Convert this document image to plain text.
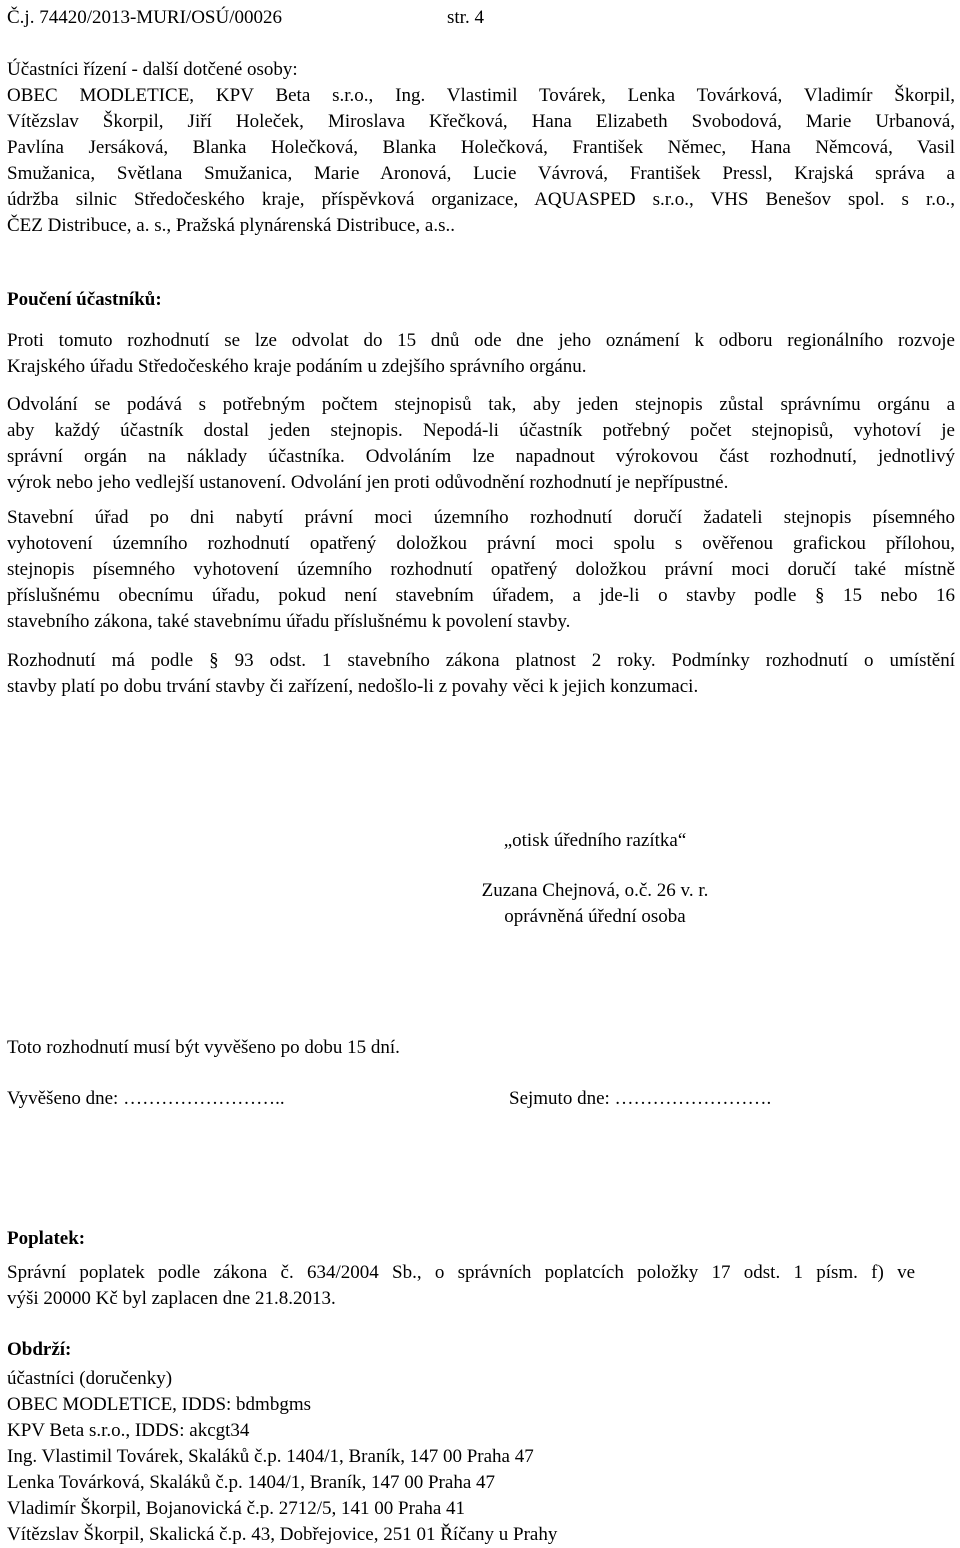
Č.j. 74420/2013-MURI/OSÚ/00026	str. 4
Účastníci řízení - další dotčené osoby:
OBEC MODLETICE, KPV Beta s.r.o., Ing. Vlastimil Továrek, Lenka Továrková, Vladimír Škorpil,
Vítězslav Škorpil, Jiří Holeček, Miroslava Křečková, Hana Elizabeth Svobodová, Marie Urbanová,
Pavlína Jersáková, Blanka Holečková, Blanka Holečková, František Němec, Hana Němcová, Vasil
Smužanica, Světlana Smužanica, Marie Aronová, Lucie Vávrová, František Pressl, Krajská správa a
údržba silnic Středočeského kraje, příspěvková organizace, AQUASPED s.r.o., VHS Benešov spol. s r.o.,
ČEZ Distribuce, a. s., Pražská plynárenská Distribuce, a.s..
Poučení účastníků:
Proti tomuto rozhodnutí se lze odvolat do 15 dnů ode dne jeho oznámení k odboru regionálního rozvoje
Krajského úřadu Středočeského kraje podáním u zdejšího správního orgánu.
Odvolání se podává s potřebným počtem stejnopisů tak, aby jeden stejnopis zůstal správnímu orgánu a
aby každý účastník dostal jeden stejnopis. Nepodá-li účastník potřebný počet stejnopisů, vyhotoví je
správní orgán na náklady účastníka. Odvoláním lze napadnout výrokovou část rozhodnutí, jednotlivý
výrok nebo jeho vedlejší ustanovení. Odvolání jen proti odůvodnění rozhodnutí je nepřípustné.
Stavební úřad po dni nabytí právní moci územního rozhodnutí doručí žadateli stejnopis písemného
vyhotovení územního rozhodnutí opatřený doložkou právní moci spolu s ověřenou grafickou přílohou,
stejnopis písemného vyhotovení územního rozhodnutí opatřený doložkou právní moci doručí také místně
příslušnému obecnímu úřadu, pokud není stavebním úřadem, a jde-li o stavby podle § 15 nebo 16
stavebního zákona, také stavebnímu úřadu příslušnému k povolení stavby.
Rozhodnutí má podle § 93 odst. 1 stavebního zákona platnost 2 roky. Podmínky rozhodnutí o umístění
stavby platí po dobu trvání stavby či zařízení, nedošlo-li z povahy věci k jejich konzumaci.
„otisk úředního razítka“
Zuzana Chejnová, o.č. 26 v. r.
oprávněná úřední osoba
Toto rozhodnutí musí být vyvěšeno po dobu 15 dní.
Vyvěšeno dne: ……………………..	Sejmuto dne: …………………….
Poplatek:
Správní poplatek podle zákona č. 634/2004 Sb., o správních poplatcích položky 17 odst. 1 písm. f) ve
výši 20000 Kč byl zaplacen dne 21.8.2013.
Obdrží:
účastníci (doručenky)
OBEC MODLETICE, IDDS: bdmbgms
KPV Beta s.r.o., IDDS: akcgt34
Ing. Vlastimil Továrek, Skaláků č.p. 1404/1, Braník, 147 00 Praha 47
Lenka Továrková, Skaláků č.p. 1404/1, Braník, 147 00 Praha 47
Vladimír Škorpil, Bojanovická č.p. 2712/5, 141 00 Praha 41
Vítězslav Škorpil, Skalická č.p. 43, Dobřejovice, 251 01 Říčany u Prahy
